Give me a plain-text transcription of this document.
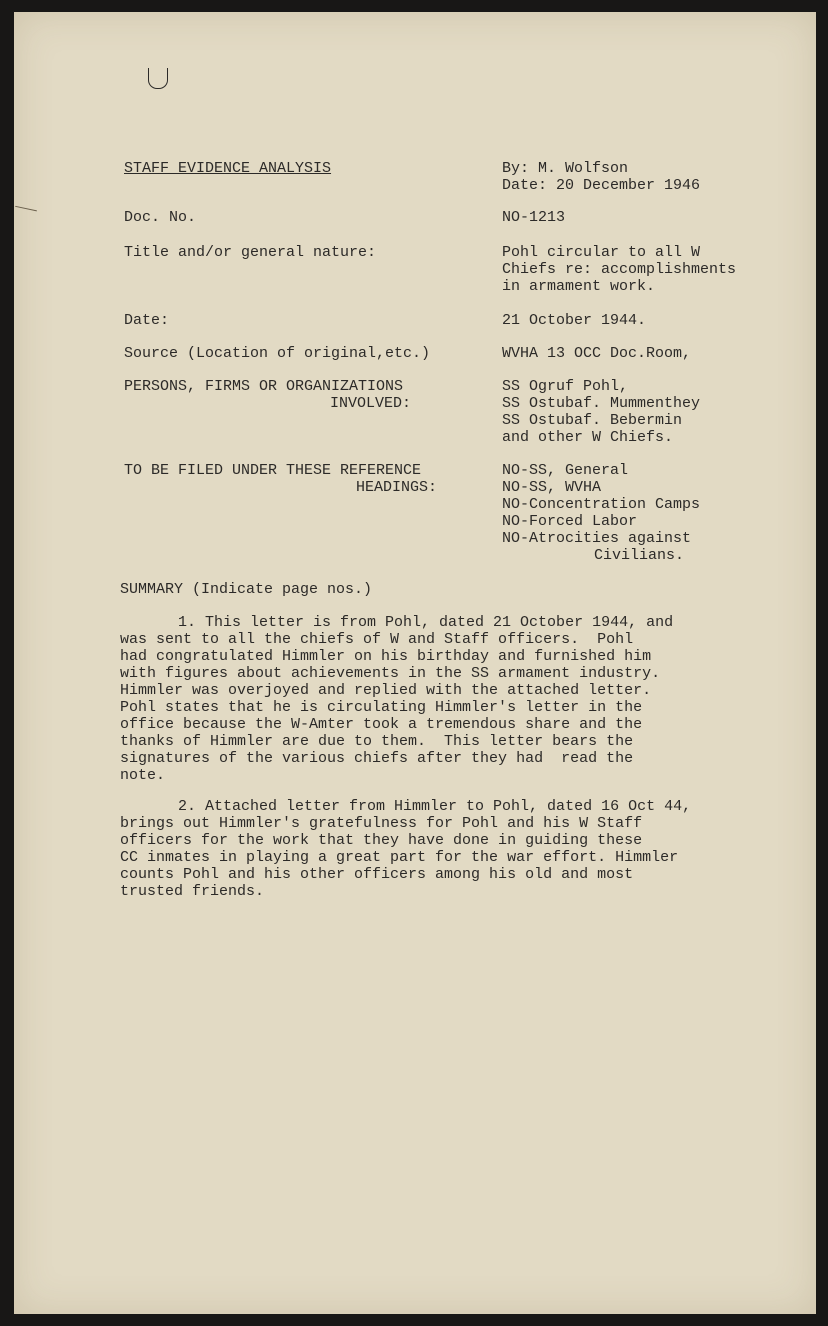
STAFF EVIDENCE ANALYSIS	By: M. Wolfson
Date: 20 December 1946
Doc. No.	NO-1213
Title and/or general nature:	Pohl circular to all W
Chiefs re: accomplishments
in armament work.
Date:	21 October 1944.
Source (Location of original,etc.)	WVHA 13 OCC Doc.Room,
PERSONS, FIRMS OR ORGANIZATIONS
INVOLVED:
SS Ogruf Pohl,
SS Ostubaf. Mummenthey
SS Ostubaf. Bebermin
and other W Chiefs.
TO BE FILED UNDER THESE REFERENCE
HEADINGS:
NO-SS, General
NO-SS, WVHA
NO-Concentration Camps
NO-Forced Labor
NO-Atrocities against
Civilians.
SUMMARY (Indicate page nos.)
1. This letter is from Pohl, dated 21 October 1944, and
was sent to all the chiefs of W and Staff officers.  Pohl
had congratulated Himmler on his birthday and furnished him
with figures about achievements in the SS armament industry.
Himmler was overjoyed and replied with the attached letter.
Pohl states that he is circulating Himmler's letter in the
office because the W-Amter took a tremendous share and the
thanks of Himmler are due to them.  This letter bears the
signatures of the various chiefs after they had  read the
note.
2. Attached letter from Himmler to Pohl, dated 16 Oct 44,
brings out Himmler's gratefulness for Pohl and his W Staff
officers for the work that they have done in guiding these
CC inmates in playing a great part for the war effort. Himmler
counts Pohl and his other officers among his old and most
trusted friends.
